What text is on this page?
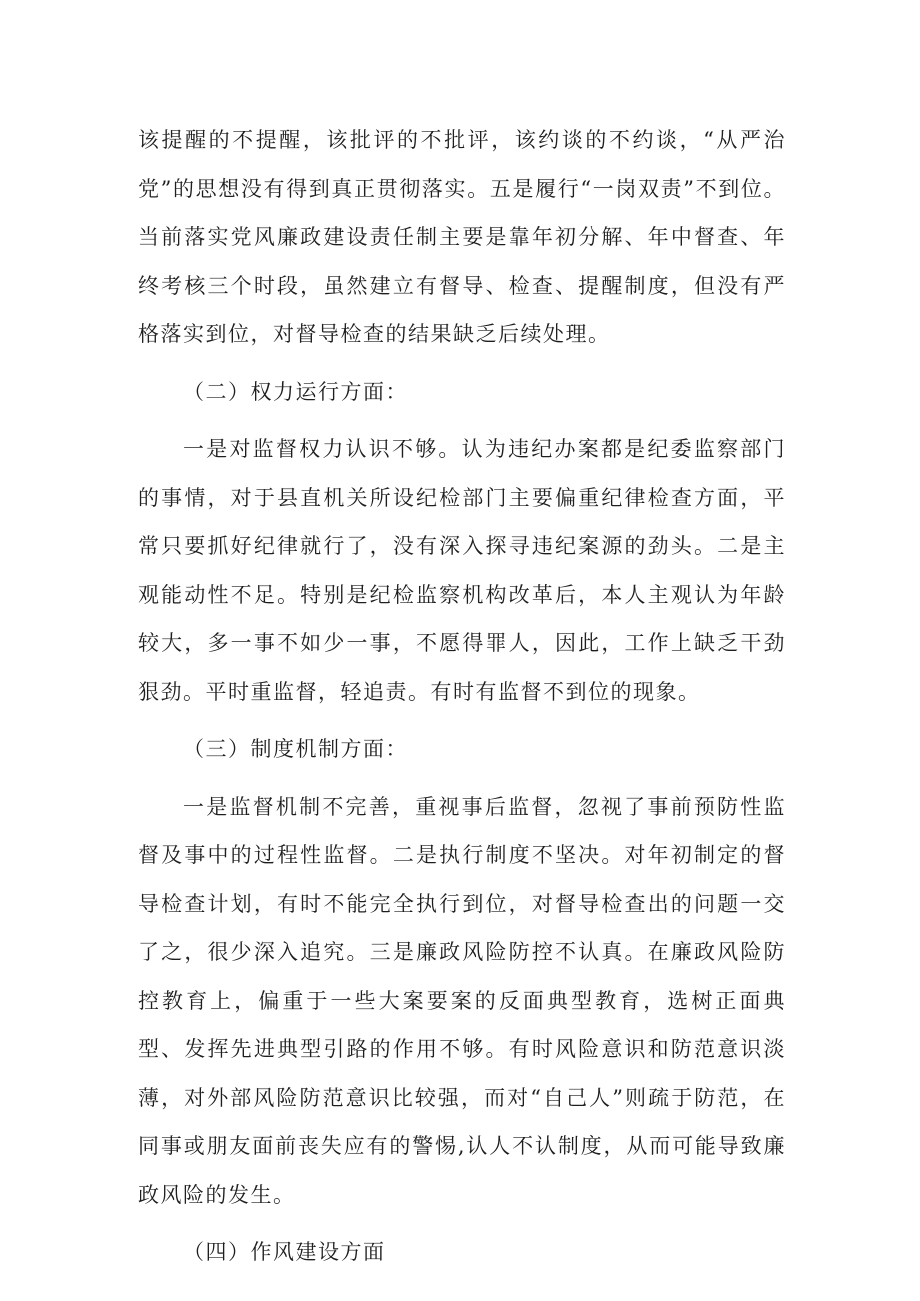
该提醒的不提醒，该批评的不批评，该约谈的不约谈，“从严治党”的思想没有得到真正贯彻落实。五是履行“一岗双责”不到位。当前落实党风廉政建设责任制主要是靠年初分解、年中督查、年终考核三个时段，虽然建立有督导、检查、提醒制度，但没有严格落实到位，对督导检查的结果缺乏后续处理。

（二）权力运行方面：

一是对监督权力认识不够。认为违纪办案都是纪委监察部门的事情，对于县直机关所设纪检部门主要偏重纪律检查方面，平常只要抓好纪律就行了，没有深入探寻违纪案源的劲头。二是主观能动性不足。特别是纪检监察机构改革后，本人主观认为年龄较大，多一事不如少一事，不愿得罪人，因此，工作上缺乏干劲狠劲。平时重监督，轻追责。有时有监督不到位的现象。

（三）制度机制方面：

一是监督机制不完善，重视事后监督，忽视了事前预防性监督及事中的过程性监督。二是执行制度不坚决。对年初制定的督导检查计划，有时不能完全执行到位，对督导检查出的问题一交了之，很少深入追究。三是廉政风险防控不认真。在廉政风险防控教育上，偏重于一些大案要案的反面典型教育，选树正面典型、发挥先进典型引路的作用不够。有时风险意识和防范意识淡薄，对外部风险防范意识比较强，而对“自己人”则疏于防范，在同事或朋友面前丧失应有的警惕,认人不认制度，从而可能导致廉政风险的发生。

（四）作风建设方面
